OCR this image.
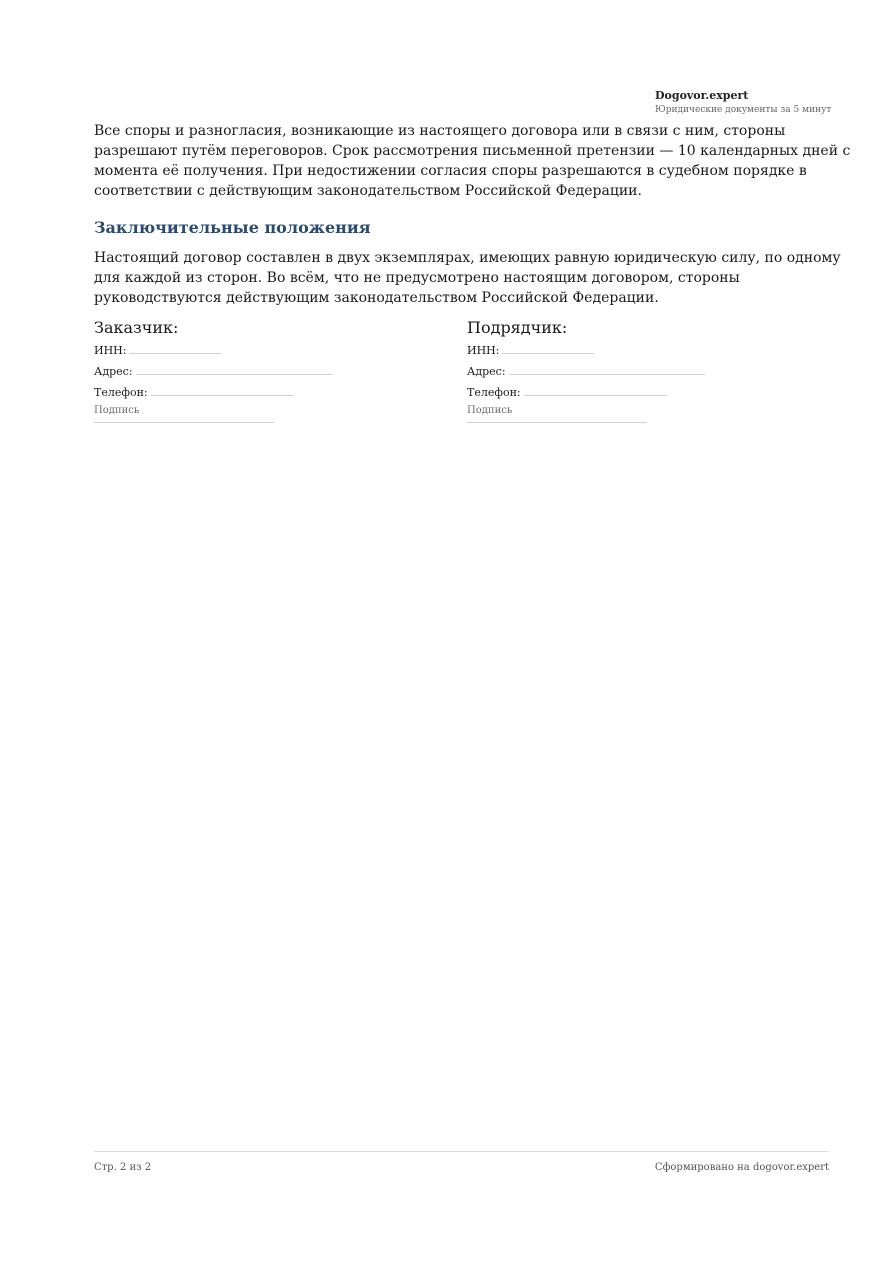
Dogovor.expert
Юридические документы за 5 минут

Все споры и разногласия, возникающие из настоящего договора или в связи с ним, стороны разрешают путём переговоров. Срок рассмотрения письменной претензии — 10 календарных дней с момента её получения. При недостижении согласия споры разрешаются в судебном порядке в соответствии с действующим законодательством Российской Федерации.

Заключительные положения

Настоящий договор составлен в двух экземплярах, имеющих равную юридическую силу, по одному для каждой из сторон. Во всём, что не предусмотрено настоящим договором, стороны руководствуются действующим законодательством Российской Федерации.

Заказчик:
ИНН:
Адрес:
Телефон:
Подпись
Подрядчик:
ИНН:
Адрес:
Телефон:
Подпись
Стр. 2 из 2	Сформировано на dogovor.expert
